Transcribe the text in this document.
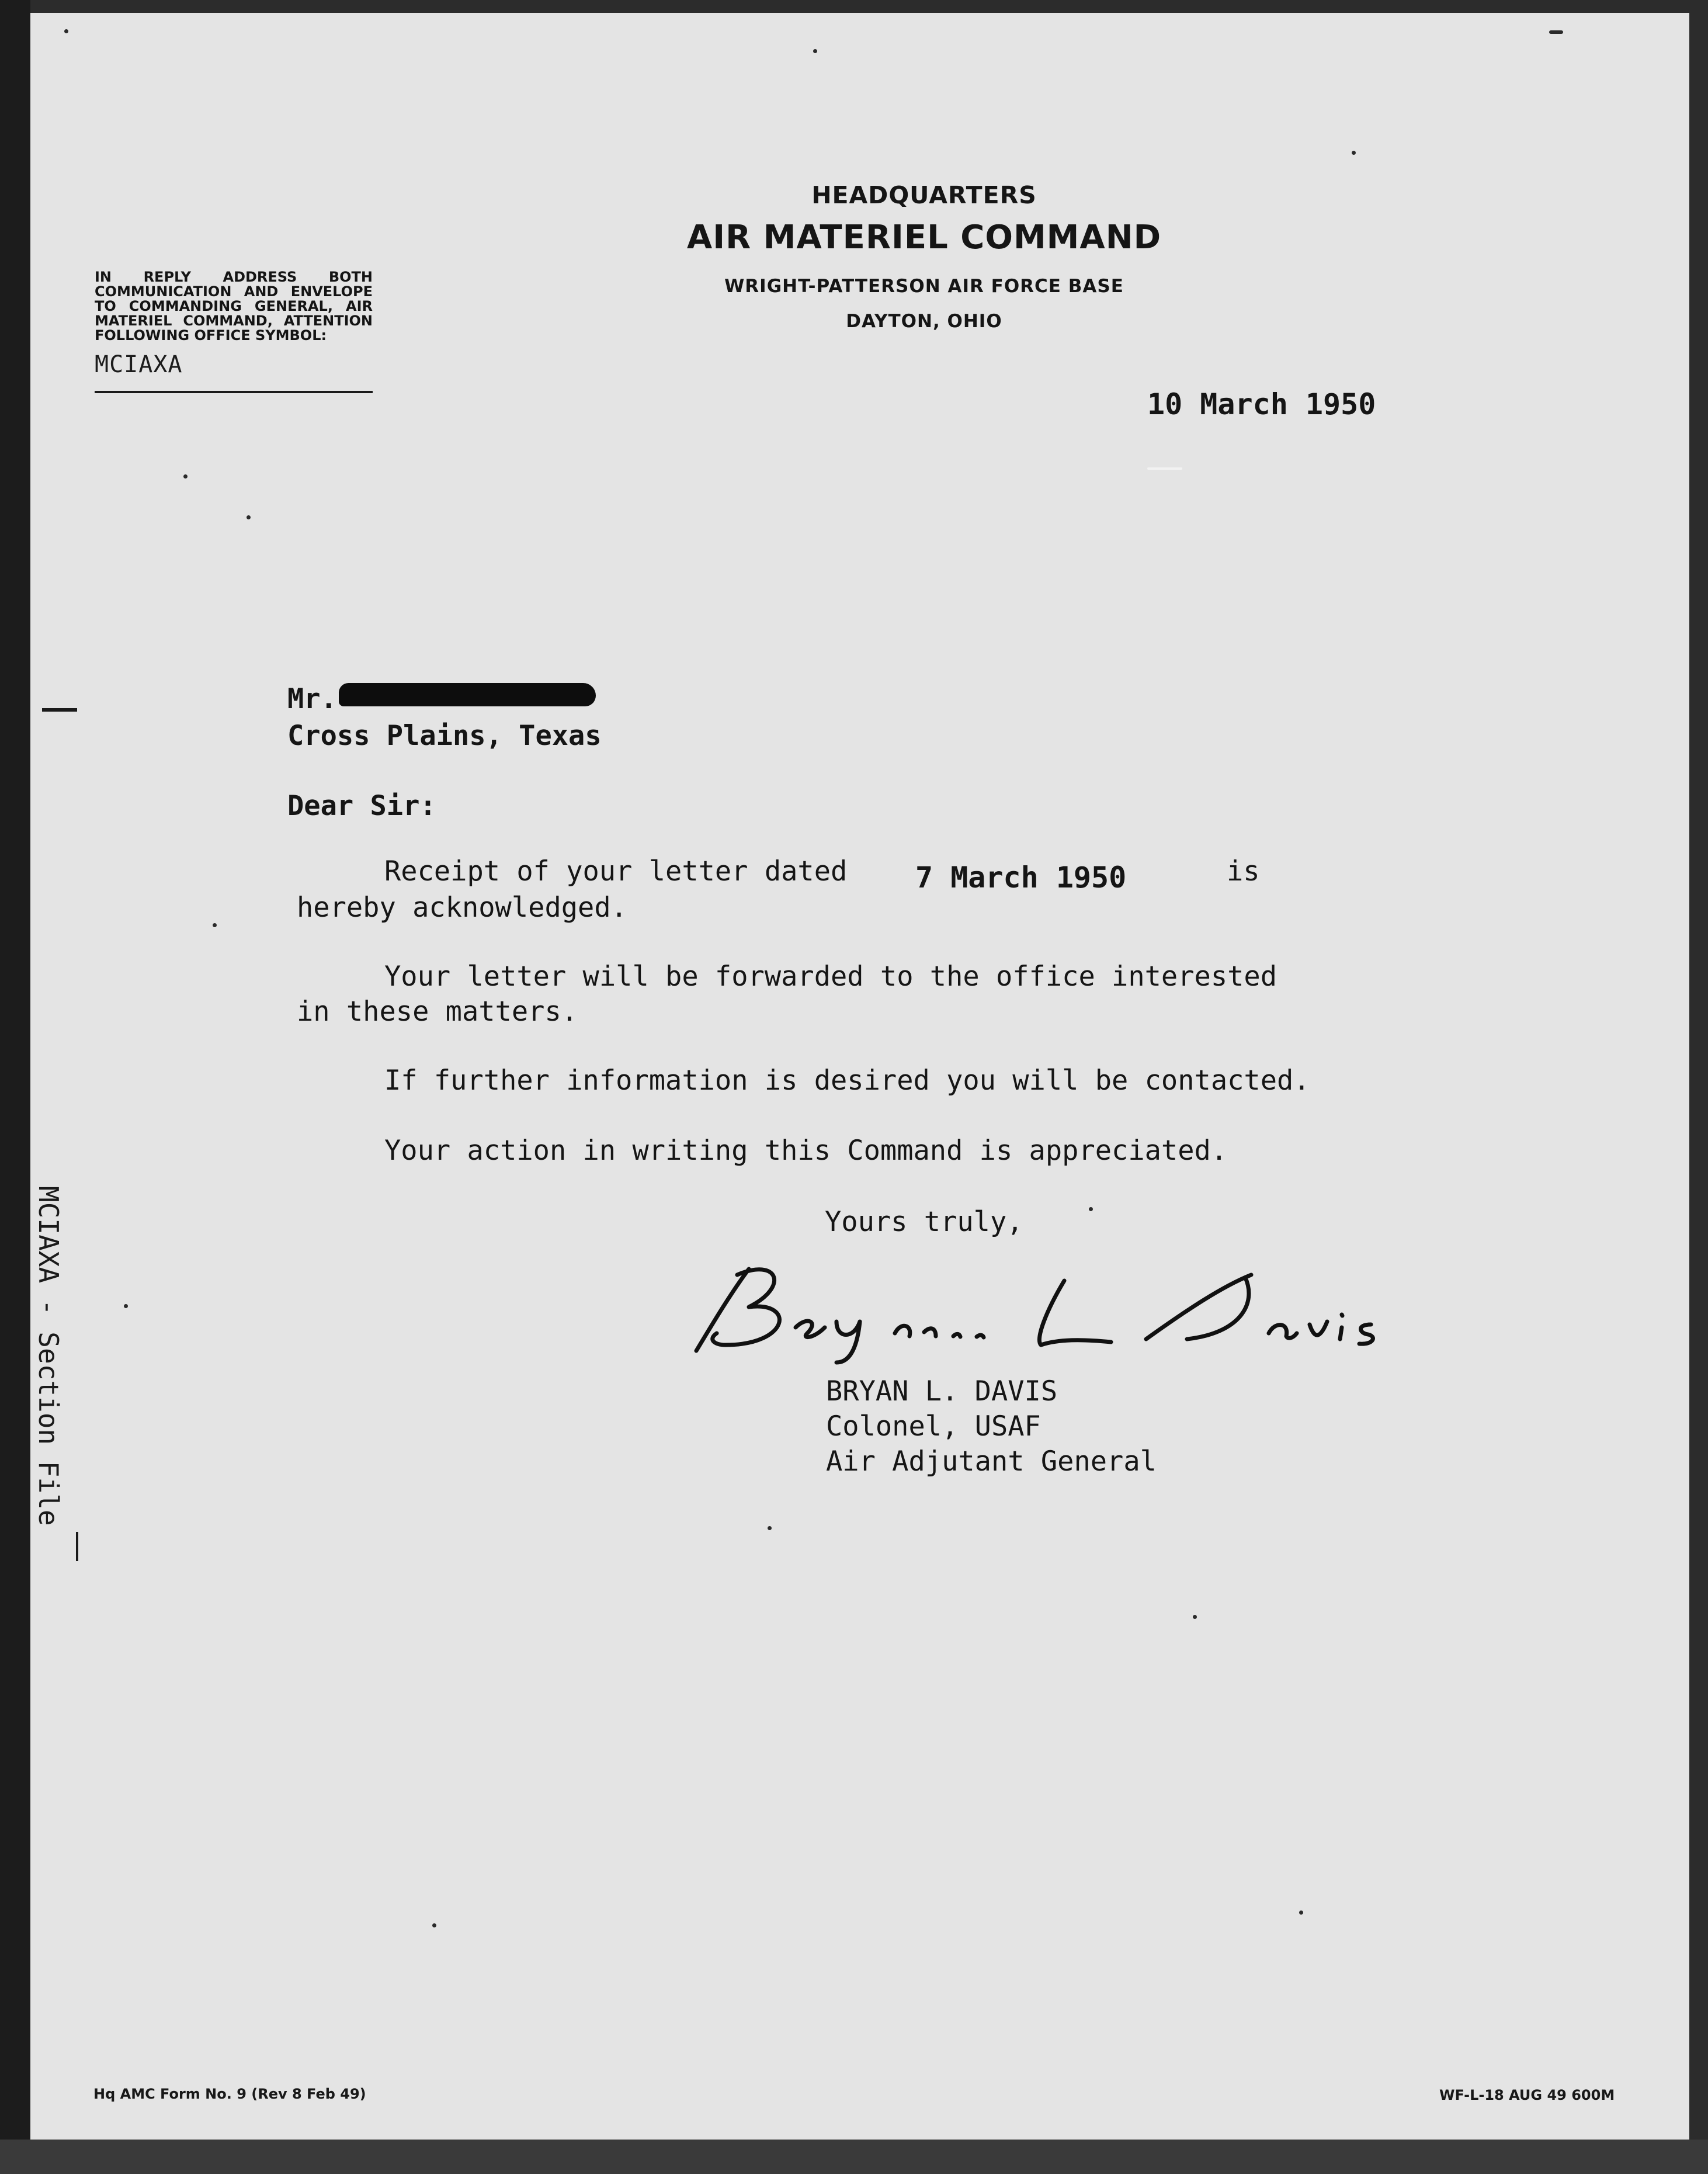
HEADQUARTERS
AIR MATERIEL COMMAND
WRIGHT-PATTERSON AIR FORCE BASE
DAYTON, OHIO

IN REPLY ADDRESS BOTH COMMUNICATION AND ENVELOPE TO COMMANDING GENERAL, AIR MATERIEL COMMAND, ATTENTION FOLLOWING OFFICE SYMBOL:

MCIAXA
10 March 1950
Mr.
Cross Plains, Texas
Dear Sir:
Receipt of your letter dated 7 March 1950	is
hereby acknowledged.
Your letter will be forwarded to the office interested
in these matters.
If further information is desired you will be contacted.
Your action in writing this Command is appreciated.
Yours truly,
BRYAN L. DAVIS
Colonel, USAF
Air Adjutant General
MCIAXA - Section File
Hq AMC Form No. 9 (Rev 8 Feb 49)	WF-L-18 AUG 49 600M
